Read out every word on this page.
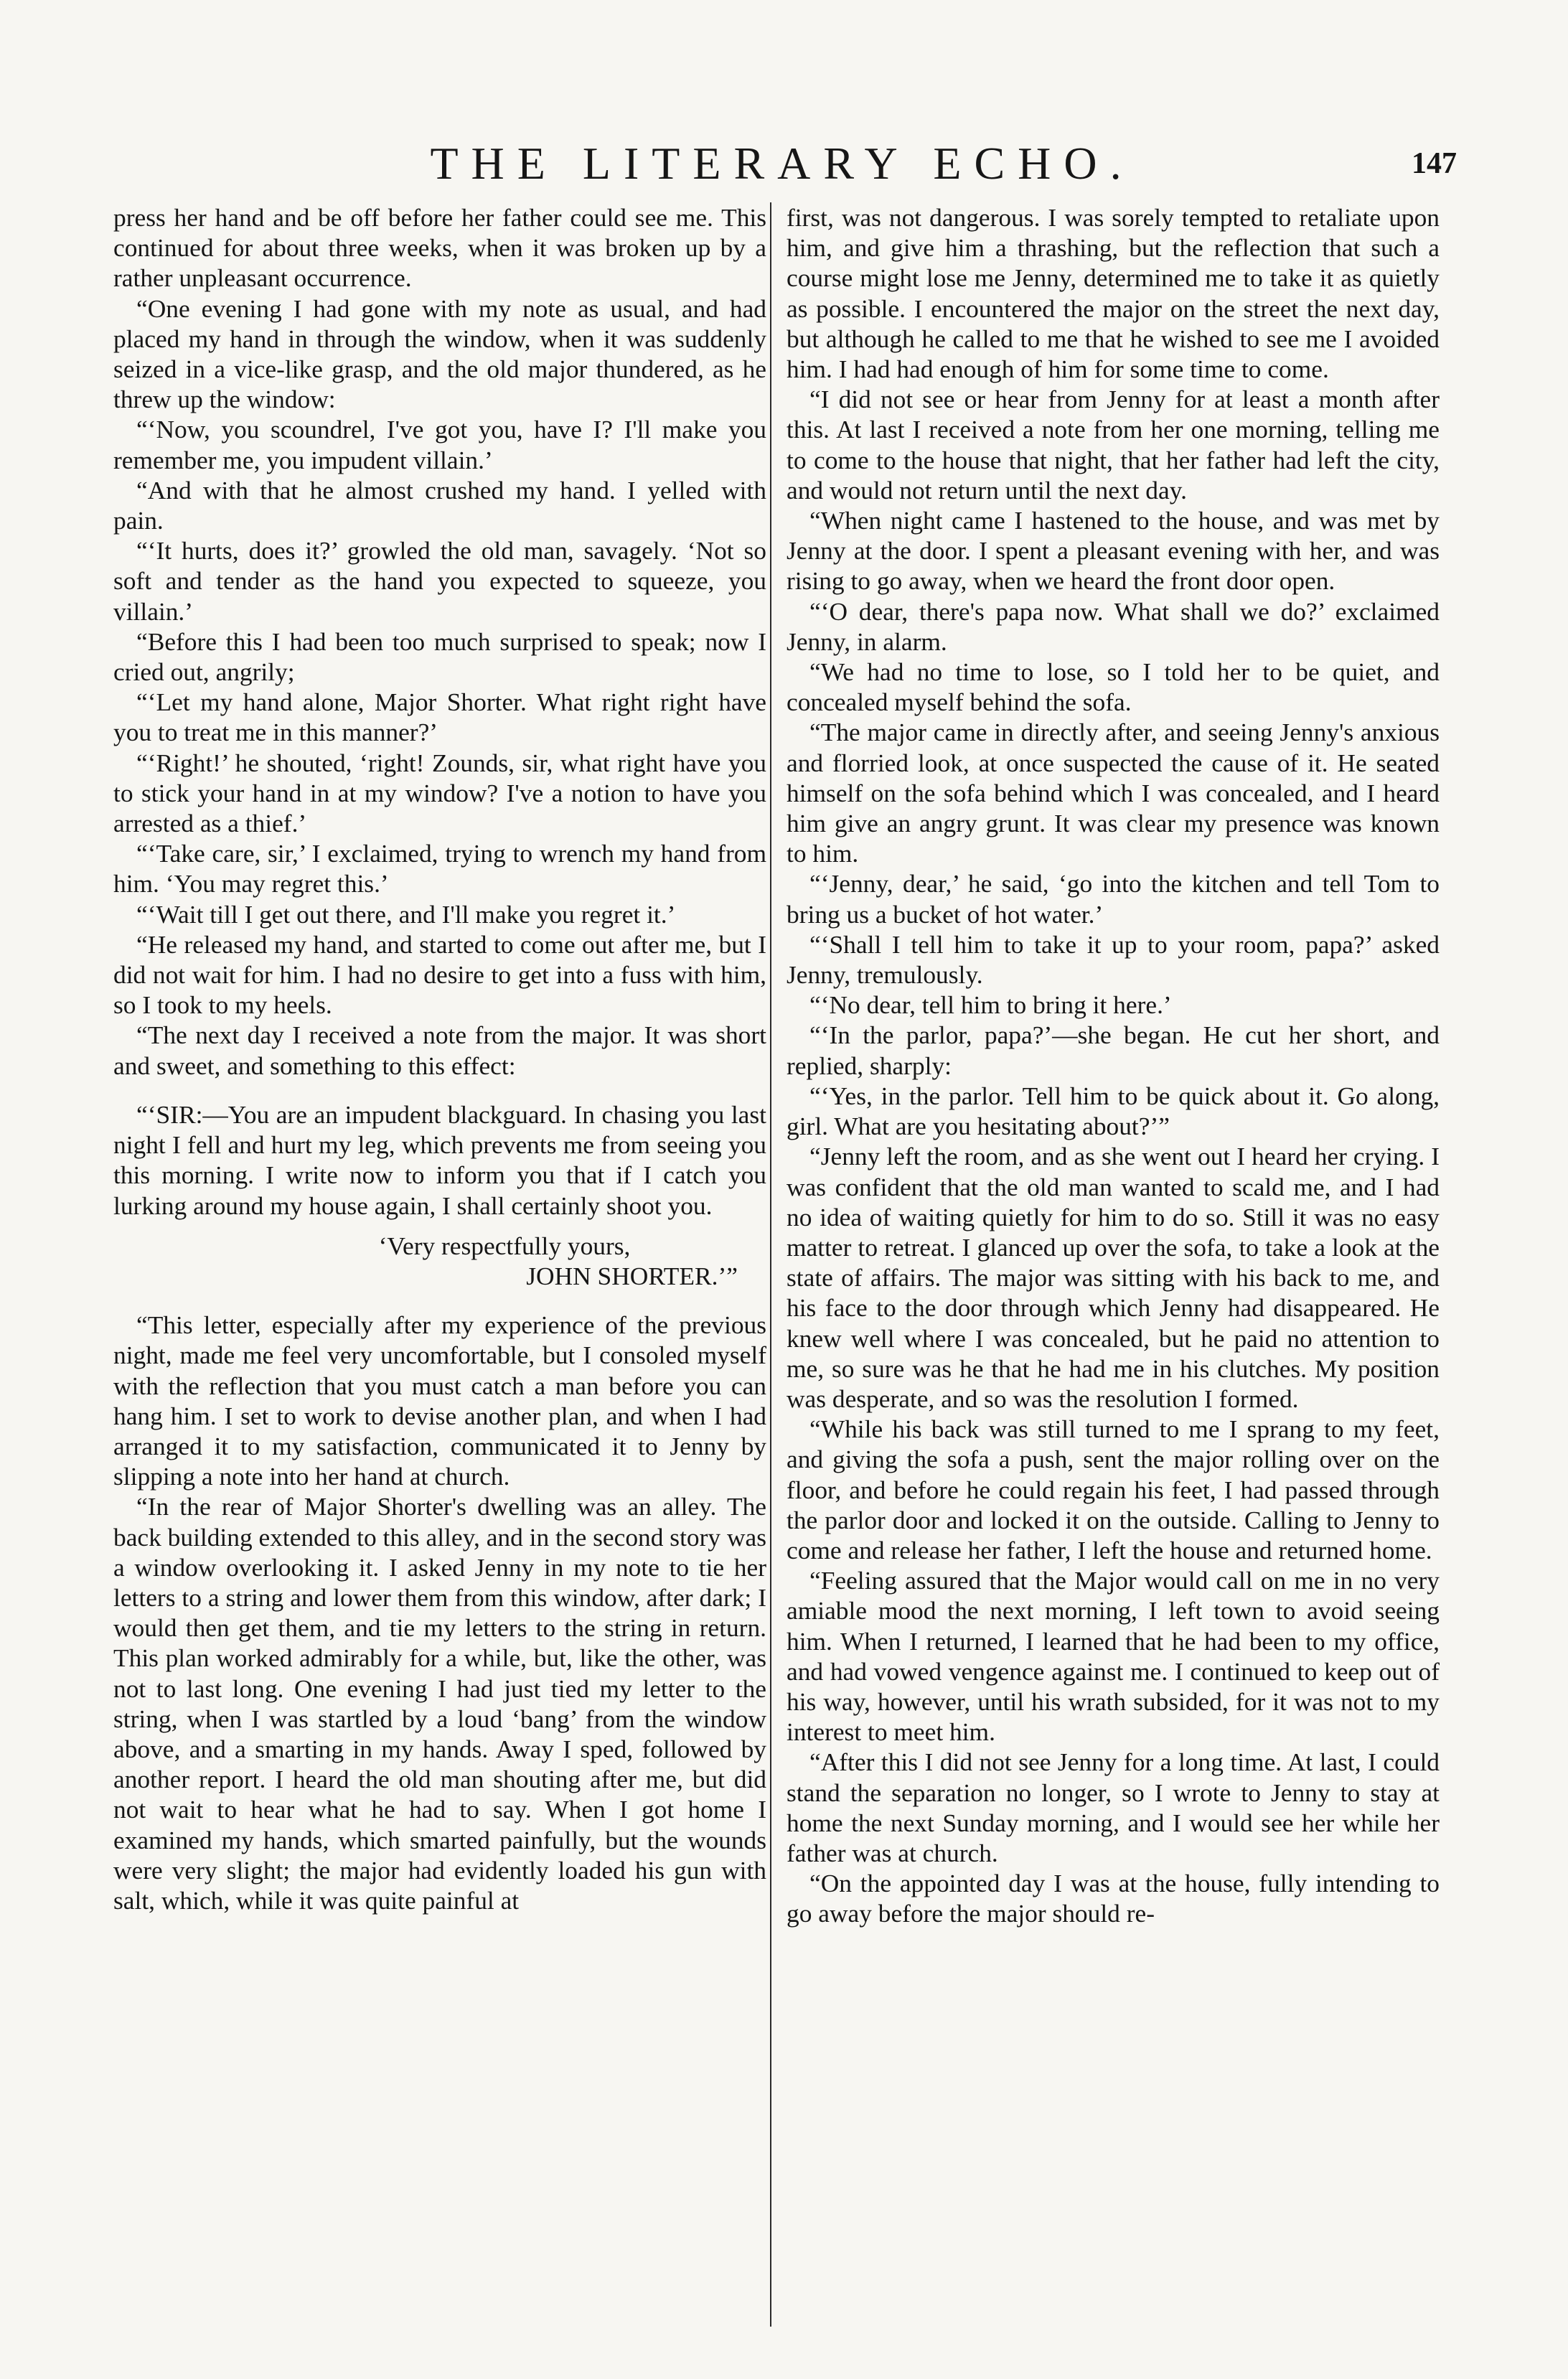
THE LITERARY ECHO.	147

press her hand and be off before her father could see me. This continued for about three weeks, when it was broken up by a rather unpleasant occurrence.

“One evening I had gone with my note as usual, and had placed my hand in through the window, when it was suddenly seized in a vice-like grasp, and the old major thundered, as he threw up the window:

“‘Now, you scoundrel, I've got you, have I? I'll make you remember me, you impudent villain.’

“And with that he almost crushed my hand. I yelled with pain.

“‘It hurts, does it?’ growled the old man, savagely. ‘Not so soft and tender as the hand you expected to squeeze, you villain.’

“Before this I had been too much surprised to speak; now I cried out, angrily;

“‘Let my hand alone, Major Shorter. What right right have you to treat me in this manner?’

“‘Right!’ he shouted, ‘right! Zounds, sir, what right have you to stick your hand in at my window? I've a notion to have you arrested as a thief.’

“‘Take care, sir,’ I exclaimed, trying to wrench my hand from him. ‘You may regret this.’

“‘Wait till I get out there, and I'll make you regret it.’

“He released my hand, and started to come out after me, but I did not wait for him. I had no desire to get into a fuss with him, so I took to my heels.

“The next day I received a note from the major. It was short and sweet, and something to this effect:

“‘SIR:—You are an impudent blackguard. In chasing you last night I fell and hurt my leg, which prevents me from seeing you this morning. I write now to inform you that if I catch you lurking around my house again, I shall certainly shoot you.

‘Very respectfully yours,

JOHN SHORTER.’”

“This letter, especially after my experience of the previous night, made me feel very uncomfortable, but I consoled myself with the reflection that you must catch a man before you can hang him. I set to work to devise another plan, and when I had arranged it to my satisfaction, communicated it to Jenny by slipping a note into her hand at church.

“In the rear of Major Shorter's dwelling was an alley. The back building extended to this alley, and in the second story was a window overlooking it. I asked Jenny in my note to tie her letters to a string and lower them from this window, after dark; I would then get them, and tie my letters to the string in return. This plan worked admirably for a while, but, like the other, was not to last long. One evening I had just tied my letter to the string, when I was startled by a loud ‘bang’ from the window above, and a smarting in my hands. Away I sped, followed by another report. I heard the old man shouting after me, but did not wait to hear what he had to say. When I got home I examined my hands, which smarted painfully, but the wounds were very slight; the major had evidently loaded his gun with salt, which, while it was quite painful at

first, was not dangerous. I was sorely tempted to retaliate upon him, and give him a thrashing, but the reflection that such a course might lose me Jenny, determined me to take it as quietly as possible. I encountered the major on the street the next day, but although he called to me that he wished to see me I avoided him. I had had enough of him for some time to come.

“I did not see or hear from Jenny for at least a month after this. At last I received a note from her one morning, telling me to come to the house that night, that her father had left the city, and would not return until the next day.

“When night came I hastened to the house, and was met by Jenny at the door. I spent a pleasant evening with her, and was rising to go away, when we heard the front door open.

“‘O dear, there's papa now. What shall we do?’ exclaimed Jenny, in alarm.

“We had no time to lose, so I told her to be quiet, and concealed myself behind the sofa.

“The major came in directly after, and seeing Jenny's anxious and florried look, at once suspected the cause of it. He seated himself on the sofa behind which I was concealed, and I heard him give an angry grunt. It was clear my presence was known to him.

“‘Jenny, dear,’ he said, ‘go into the kitchen and tell Tom to bring us a bucket of hot water.’

“‘Shall I tell him to take it up to your room, papa?’ asked Jenny, tremulously.

“‘No dear, tell him to bring it here.’

“‘In the parlor, papa?’—she began. He cut her short, and replied, sharply:

“‘Yes, in the parlor. Tell him to be quick about it. Go along, girl. What are you hesitating about?’”

“Jenny left the room, and as she went out I heard her crying. I was confident that the old man wanted to scald me, and I had no idea of waiting quietly for him to do so. Still it was no easy matter to retreat. I glanced up over the sofa, to take a look at the state of affairs. The major was sitting with his back to me, and his face to the door through which Jenny had disappeared. He knew well where I was concealed, but he paid no attention to me, so sure was he that he had me in his clutches. My position was desperate, and so was the resolution I formed.

“While his back was still turned to me I sprang to my feet, and giving the sofa a push, sent the major rolling over on the floor, and before he could regain his feet, I had passed through the parlor door and locked it on the outside. Calling to Jenny to come and release her father, I left the house and returned home.

“Feeling assured that the Major would call on me in no very amiable mood the next morning, I left town to avoid seeing him. When I returned, I learned that he had been to my office, and had vowed vengence against me. I continued to keep out of his way, however, until his wrath subsided, for it was not to my interest to meet him.

“After this I did not see Jenny for a long time. At last, I could stand the separation no longer, so I wrote to Jenny to stay at home the next Sunday morning, and I would see her while her father was at church.

“On the appointed day I was at the house, fully intending to go away before the major should re-
